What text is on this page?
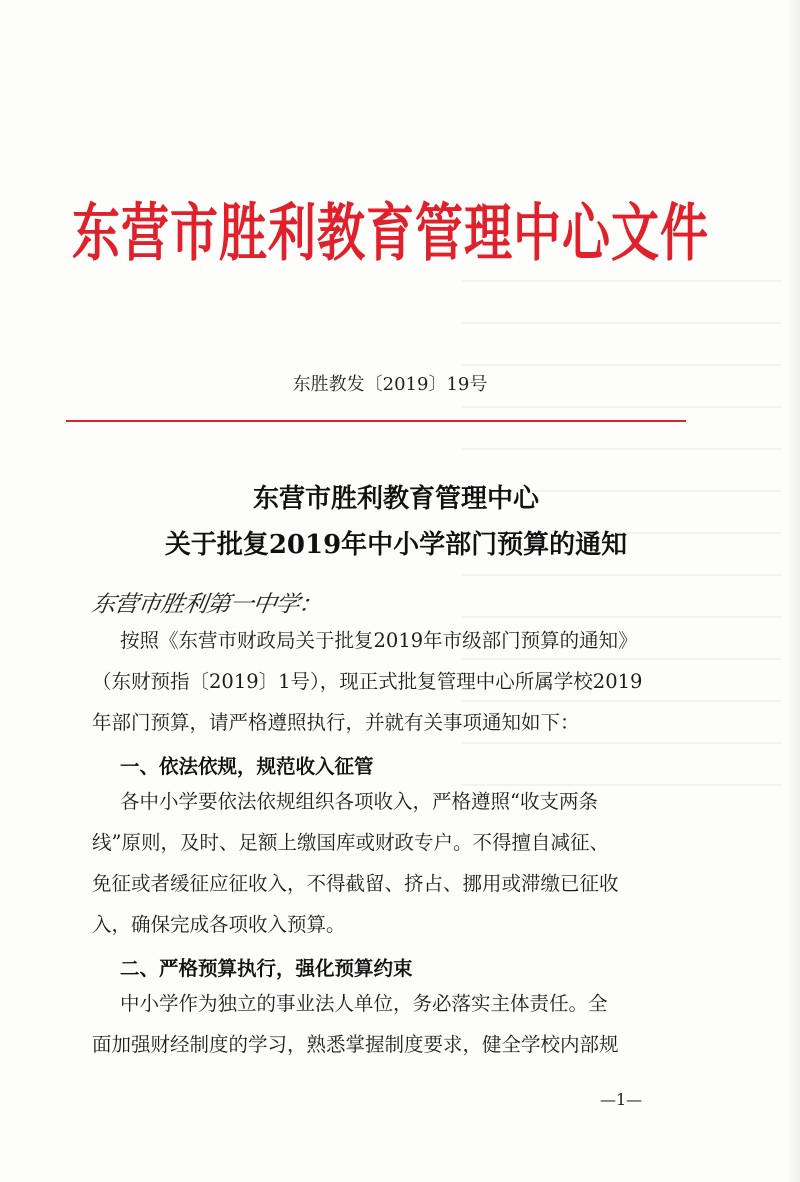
东营市胜利教育管理中心文件
东胜教发〔2019〕19号
东营市胜利教育管理中心
关于批复2019年中小学部门预算的通知
东营市胜利第一中学：
按照《东营市财政局关于批复2019年市级部门预算的通知》
（东财预指〔2019〕1号），现正式批复管理中心所属学校2019
年部门预算，请严格遵照执行，并就有关事项通知如下：
一、依法依规，规范收入征管
各中小学要依法依规组织各项收入，严格遵照“收支两条
线”原则，及时、足额上缴国库或财政专户。不得擅自减征、
免征或者缓征应征收入，不得截留、挤占、挪用或滞缴已征收
入，确保完成各项收入预算。
二、严格预算执行，强化预算约束
中小学作为独立的事业法人单位，务必落实主体责任。全
面加强财经制度的学习，熟悉掌握制度要求，健全学校内部规
—1—
